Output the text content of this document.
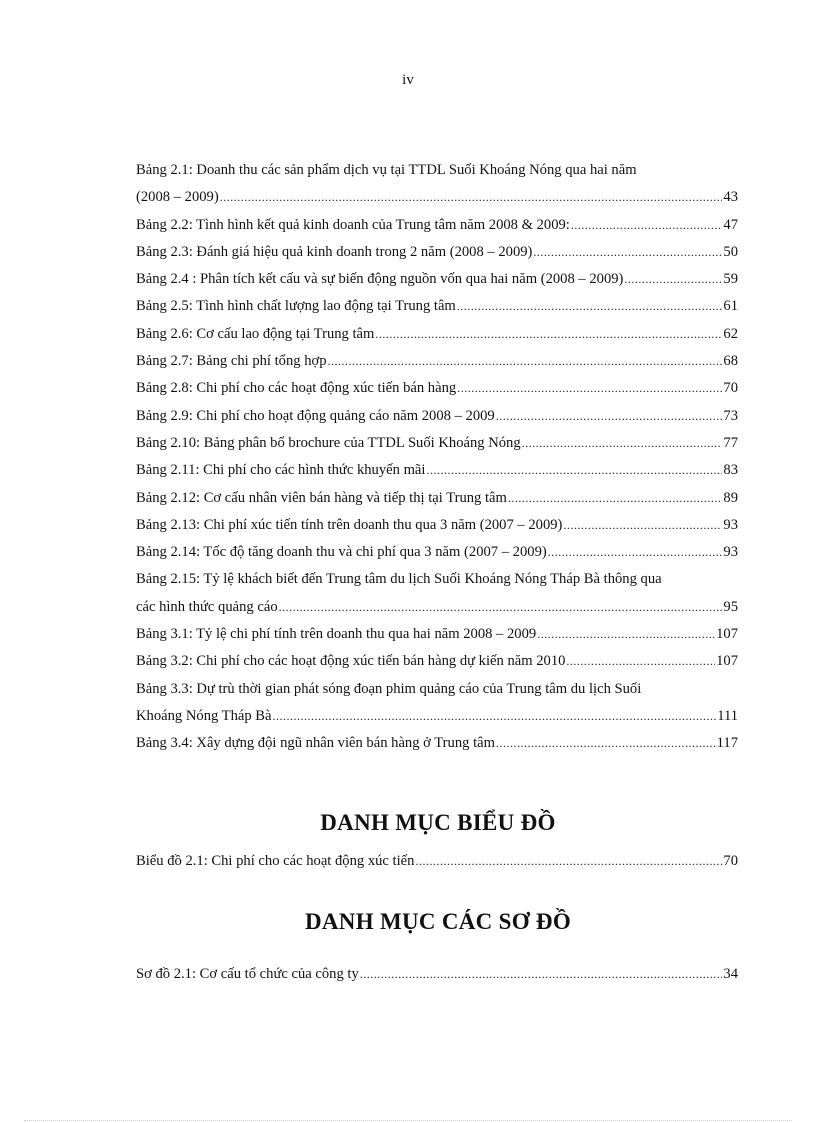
iv
Bảng 2.1: Doanh thu các sản phẩm dịch vụ tại TTDL Suối Khoáng Nóng qua hai năm
(2008 – 2009) .....	43
Bảng 2.2: Tình hình kết quả kinh doanh của Trung tâm năm 2008 & 2009: .....	47
Bảng 2.3: Đánh giá hiệu quả kinh doanh trong 2 năm (2008 – 2009) .....	50
Bảng 2.4 : Phân tích kết cấu và sự biến động nguồn vốn qua hai năm (2008 – 2009) .....	59
Bảng 2.5: Tình hình chất lượng lao động tại Trung tâm .....	61
Bảng 2.6: Cơ cấu lao động tại Trung tâm .....	62
Bảng 2.7: Bảng chi phí tổng hợp .....	68
Bảng 2.8: Chi phí cho các hoạt động xúc tiến bán hàng .....	70
Bảng 2.9: Chi phí cho hoạt động quảng cáo năm 2008 – 2009 .....	73
Bảng 2.10: Bảng phân bổ brochure của TTDL Suối Khoáng Nóng .....	77
Bảng 2.11: Chi phí cho các hình thức khuyến mãi .....	83
Bảng 2.12: Cơ cấu nhân viên bán hàng và tiếp thị tại Trung tâm .....	89
Bảng 2.13: Chi phí xúc tiến tính trên doanh thu qua 3 năm (2007 – 2009) .....	93
Bảng 2.14: Tốc độ tăng doanh thu và chi phí qua 3 năm (2007 – 2009) .....	93
Bảng 2.15: Tỷ lệ khách biết đến Trung tâm du lịch Suối Khoáng Nóng Tháp Bà thông qua
các hình thức quảng cáo .....	95
Bảng 3.1: Tỷ lệ chi phí tính trên doanh thu qua hai năm 2008 – 2009 .....	107
Bảng 3.2: Chi phí cho các hoạt động xúc tiến bán hàng dự kiến năm 2010 .....	107
Bảng 3.3: Dự trù thời gian phát sóng đoạn phim quảng cáo của Trung tâm du lịch Suối
Khoáng Nóng Tháp Bà .....	111
Bảng 3.4: Xây dựng đội ngũ nhân viên bán hàng ở Trung tâm .....	117
DANH MỤC BIỂU ĐỒ
Biểu đồ 2.1: Chi phí cho các hoạt động xúc tiến .....	70
DANH MỤC CÁC SƠ ĐỒ
Sơ đồ 2.1: Cơ cấu tổ chức của công ty .....	34
